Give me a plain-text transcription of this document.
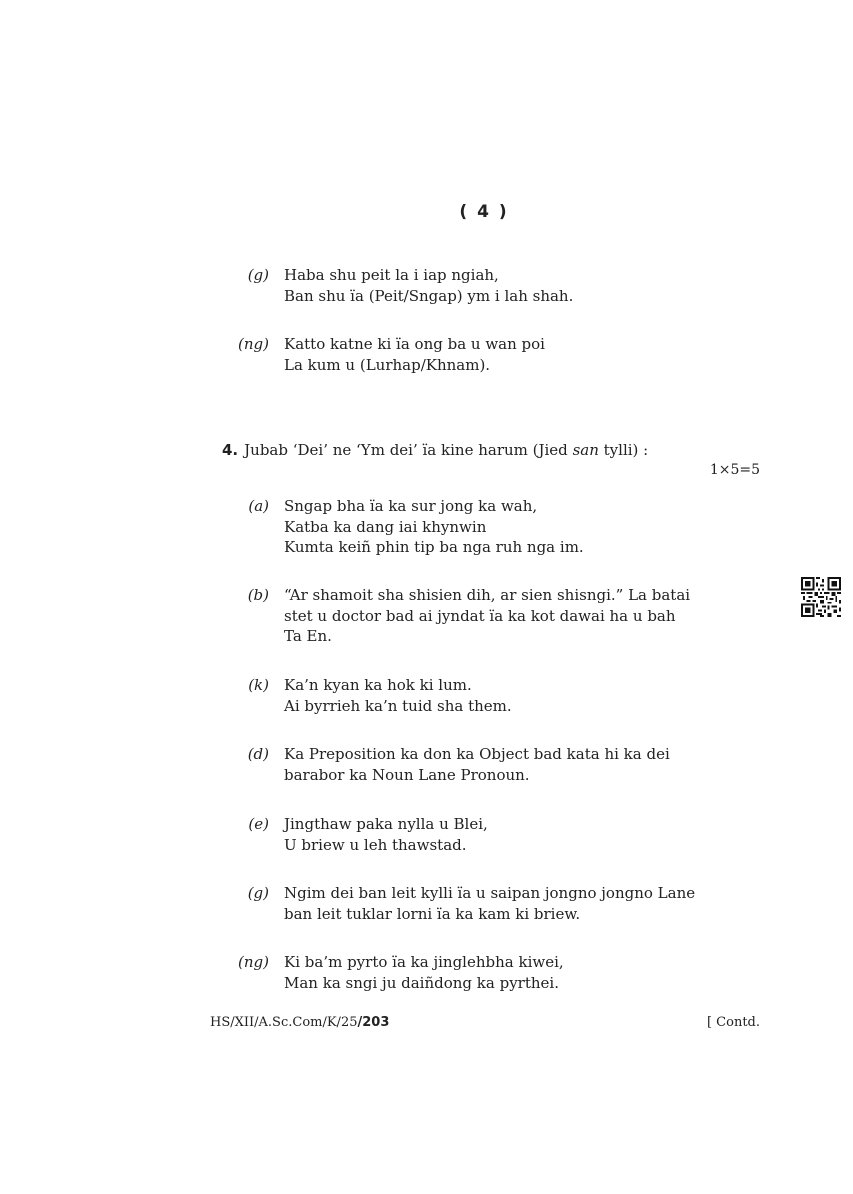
( 4 )
(g) Haba shu peit la i iap ngiah,
Ban shu ïa (Peit/Sngap) ym i lah shah.
(ng) Katto katne ki ïa ong ba u wan poi
La kum u (Lurhap/Khnam).
4. Jubab ‘Dei’ ne ‘Ym dei’ ïa kine harum (Jied san tylli) :
1×5=5
(a) Sngap bha ïa ka sur jong ka wah,
Katba ka dang iai khynwin
Kumta keiñ phin tip ba nga ruh nga im.
(b) “Ar shamoit sha shisien dih, ar sien shisngi.” La batai
stet u doctor bad ai jyndat ïa ka kot dawai ha u bah
Ta En.
(k) Ka’n kyan ka hok ki lum.
Ai byrrieh ka’n tuid sha them.
(d) Ka Preposition ka don ka Object bad kata hi ka dei
barabor ka Noun Lane Pronoun.
(e) Jingthaw paka nylla u Blei,
U briew u leh thawstad.
(g) Ngim dei ban leit kylli ïa u saipan jongno jongno Lane
ban leit tuklar lorni ïa ka kam ki briew.
(ng) Ki ba’m pyrto ïa ka jinglehbha kiwei,
Man ka sngi ju daiñdong ka pyrthei.
HS/XII/A.Sc.Com/K/25/203	[ Contd.
